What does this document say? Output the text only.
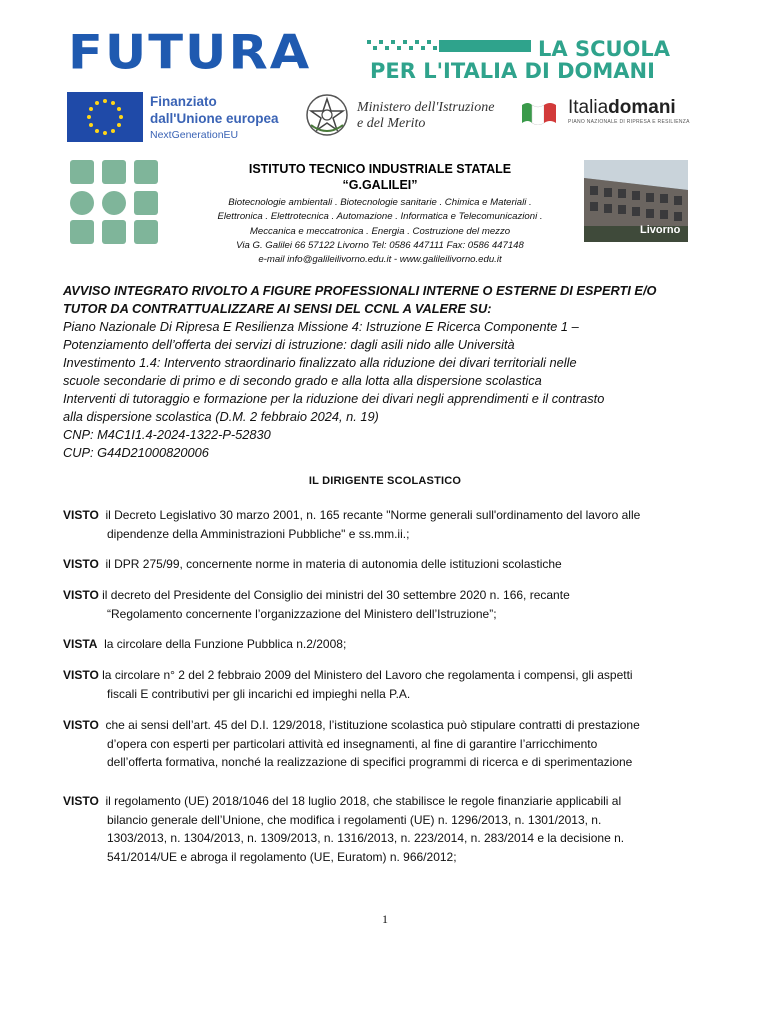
FUTURA	LA SCUOLA
PER L'ITALIA DI DOMANI
Finanziato
dall'Unione europea
NextGenerationEU
Ministero dell'Istruzione
e del Merito
Italiadomani
PIANO NAZIONALE DI RIPRESA E RESILIENZA
ISTITUTO TECNICO INDUSTRIALE STATALE
“G.GALILEI”
Biotecnologie ambientali . Biotecnologie sanitarie . Chimica e Materiali .
Elettronica . Elettrotecnica . Automazione . Informatica e Telecomunicazioni .
Meccanica e meccatronica . Energia . Costruzione del mezzo
Via G. Galilei 66 57122 Livorno Tel: 0586 447111 Fax: 0586 447148
e-mail info@galileilivorno.edu.it - www.galileilivorno.edu.it
Livorno
AVVISO INTEGRATO RIVOLTO A FIGURE PROFESSIONALI INTERNE O ESTERNE DI ESPERTI E/O
TUTOR DA CONTRATTUALIZZARE AI SENSI DEL CCNL A VALERE SU:
Piano Nazionale Di Ripresa E Resilienza Missione 4: Istruzione E Ricerca Componente 1 –
Potenziamento dell’offerta dei servizi di istruzione: dagli asili nido alle Università
Investimento 1.4: Intervento straordinario finalizzato alla riduzione dei divari territoriali nelle
scuole secondarie di primo e di secondo grado e alla lotta alla dispersione scolastica
Interventi di tutoraggio e formazione per la riduzione dei divari negli apprendimenti e il contrasto
alla dispersione scolastica (D.M. 2 febbraio 2024, n. 19)
CNP: M4C1I1.4-2024-1322-P-52830
CUP: G44D21000820006
IL DIRIGENTE SCOLASTICO
VISTO il Decreto Legislativo 30 marzo 2001, n. 165 recante "Norme generali sull'ordinamento del lavoro alle
dipendenze della Amministrazioni Pubbliche" e ss.mm.ii.;
VISTO il DPR 275/99, concernente norme in materia di autonomia delle istituzioni scolastiche
VISTO il decreto del Presidente del Consiglio dei ministri del 30 settembre 2020 n. 166, recante
“Regolamento concernente l’organizzazione del Ministero dell’Istruzione”;
VISTA la circolare della Funzione Pubblica n.2/2008;
VISTO la circolare n° 2 del 2 febbraio 2009 del Ministero del Lavoro che regolamenta i compensi, gli aspetti
fiscali E contributivi per gli incarichi ed impieghi nella P.A.
VISTO che ai sensi dell’art. 45 del D.I. 129/2018, l’istituzione scolastica può stipulare contratti di prestazione
d’opera con esperti per particolari attività ed insegnamenti, al fine di garantire l’arricchimento
dell’offerta formativa, nonché la realizzazione di specifici programmi di ricerca e di sperimentazione
VISTO il regolamento (UE) 2018/1046 del 18 luglio 2018, che stabilisce le regole finanziarie applicabili al
bilancio generale dell’Unione, che modifica i regolamenti (UE) n. 1296/2013, n. 1301/2013, n.
1303/2013, n. 1304/2013, n. 1309/2013, n. 1316/2013, n. 223/2014, n. 283/2014 e la decisione n.
541/2014/UE e abroga il regolamento (UE, Euratom) n. 966/2012;
1
